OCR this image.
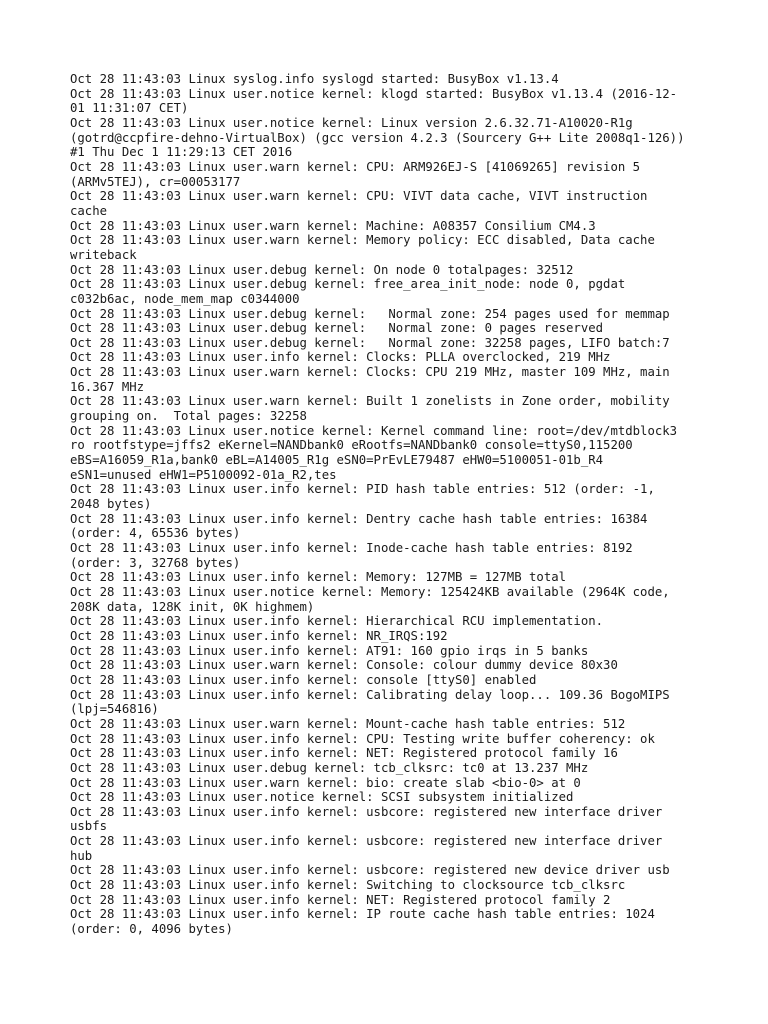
Oct 28 11:43:03 Linux syslog.info syslogd started: BusyBox v1.13.4
Oct 28 11:43:03 Linux user.notice kernel: klogd started: BusyBox v1.13.4 (2016-12-
01 11:31:07 CET)
Oct 28 11:43:03 Linux user.notice kernel: Linux version 2.6.32.71-A10020-R1g
(gotrd@ccpfire-dehno-VirtualBox) (gcc version 4.2.3 (Sourcery G++ Lite 2008q1-126))
#1 Thu Dec 1 11:29:13 CET 2016
Oct 28 11:43:03 Linux user.warn kernel: CPU: ARM926EJ-S [41069265] revision 5
(ARMv5TEJ), cr=00053177
Oct 28 11:43:03 Linux user.warn kernel: CPU: VIVT data cache, VIVT instruction
cache
Oct 28 11:43:03 Linux user.warn kernel: Machine: A08357 Consilium CM4.3
Oct 28 11:43:03 Linux user.warn kernel: Memory policy: ECC disabled, Data cache
writeback
Oct 28 11:43:03 Linux user.debug kernel: On node 0 totalpages: 32512
Oct 28 11:43:03 Linux user.debug kernel: free_area_init_node: node 0, pgdat
c032b6ac, node_mem_map c0344000
Oct 28 11:43:03 Linux user.debug kernel:   Normal zone: 254 pages used for memmap
Oct 28 11:43:03 Linux user.debug kernel:   Normal zone: 0 pages reserved
Oct 28 11:43:03 Linux user.debug kernel:   Normal zone: 32258 pages, LIFO batch:7
Oct 28 11:43:03 Linux user.info kernel: Clocks: PLLA overclocked, 219 MHz
Oct 28 11:43:03 Linux user.warn kernel: Clocks: CPU 219 MHz, master 109 MHz, main
16.367 MHz
Oct 28 11:43:03 Linux user.warn kernel: Built 1 zonelists in Zone order, mobility
grouping on.  Total pages: 32258
Oct 28 11:43:03 Linux user.notice kernel: Kernel command line: root=/dev/mtdblock3
ro rootfstype=jffs2 eKernel=NANDbank0 eRootfs=NANDbank0 console=ttyS0,115200
eBS=A16059_R1a,bank0 eBL=A14005_R1g eSN0=PrEvLE79487 eHW0=5100051-01b_R4
eSN1=unused eHW1=P5100092-01a_R2,tes
Oct 28 11:43:03 Linux user.info kernel: PID hash table entries: 512 (order: -1,
2048 bytes)
Oct 28 11:43:03 Linux user.info kernel: Dentry cache hash table entries: 16384
(order: 4, 65536 bytes)
Oct 28 11:43:03 Linux user.info kernel: Inode-cache hash table entries: 8192
(order: 3, 32768 bytes)
Oct 28 11:43:03 Linux user.info kernel: Memory: 127MB = 127MB total
Oct 28 11:43:03 Linux user.notice kernel: Memory: 125424KB available (2964K code,
208K data, 128K init, 0K highmem)
Oct 28 11:43:03 Linux user.info kernel: Hierarchical RCU implementation.
Oct 28 11:43:03 Linux user.info kernel: NR_IRQS:192
Oct 28 11:43:03 Linux user.info kernel: AT91: 160 gpio irqs in 5 banks
Oct 28 11:43:03 Linux user.warn kernel: Console: colour dummy device 80x30
Oct 28 11:43:03 Linux user.info kernel: console [ttyS0] enabled
Oct 28 11:43:03 Linux user.info kernel: Calibrating delay loop... 109.36 BogoMIPS
(lpj=546816)
Oct 28 11:43:03 Linux user.warn kernel: Mount-cache hash table entries: 512
Oct 28 11:43:03 Linux user.info kernel: CPU: Testing write buffer coherency: ok
Oct 28 11:43:03 Linux user.info kernel: NET: Registered protocol family 16
Oct 28 11:43:03 Linux user.debug kernel: tcb_clksrc: tc0 at 13.237 MHz
Oct 28 11:43:03 Linux user.warn kernel: bio: create slab <bio-0> at 0
Oct 28 11:43:03 Linux user.notice kernel: SCSI subsystem initialized
Oct 28 11:43:03 Linux user.info kernel: usbcore: registered new interface driver
usbfs
Oct 28 11:43:03 Linux user.info kernel: usbcore: registered new interface driver
hub
Oct 28 11:43:03 Linux user.info kernel: usbcore: registered new device driver usb
Oct 28 11:43:03 Linux user.info kernel: Switching to clocksource tcb_clksrc
Oct 28 11:43:03 Linux user.info kernel: NET: Registered protocol family 2
Oct 28 11:43:03 Linux user.info kernel: IP route cache hash table entries: 1024
(order: 0, 4096 bytes)
